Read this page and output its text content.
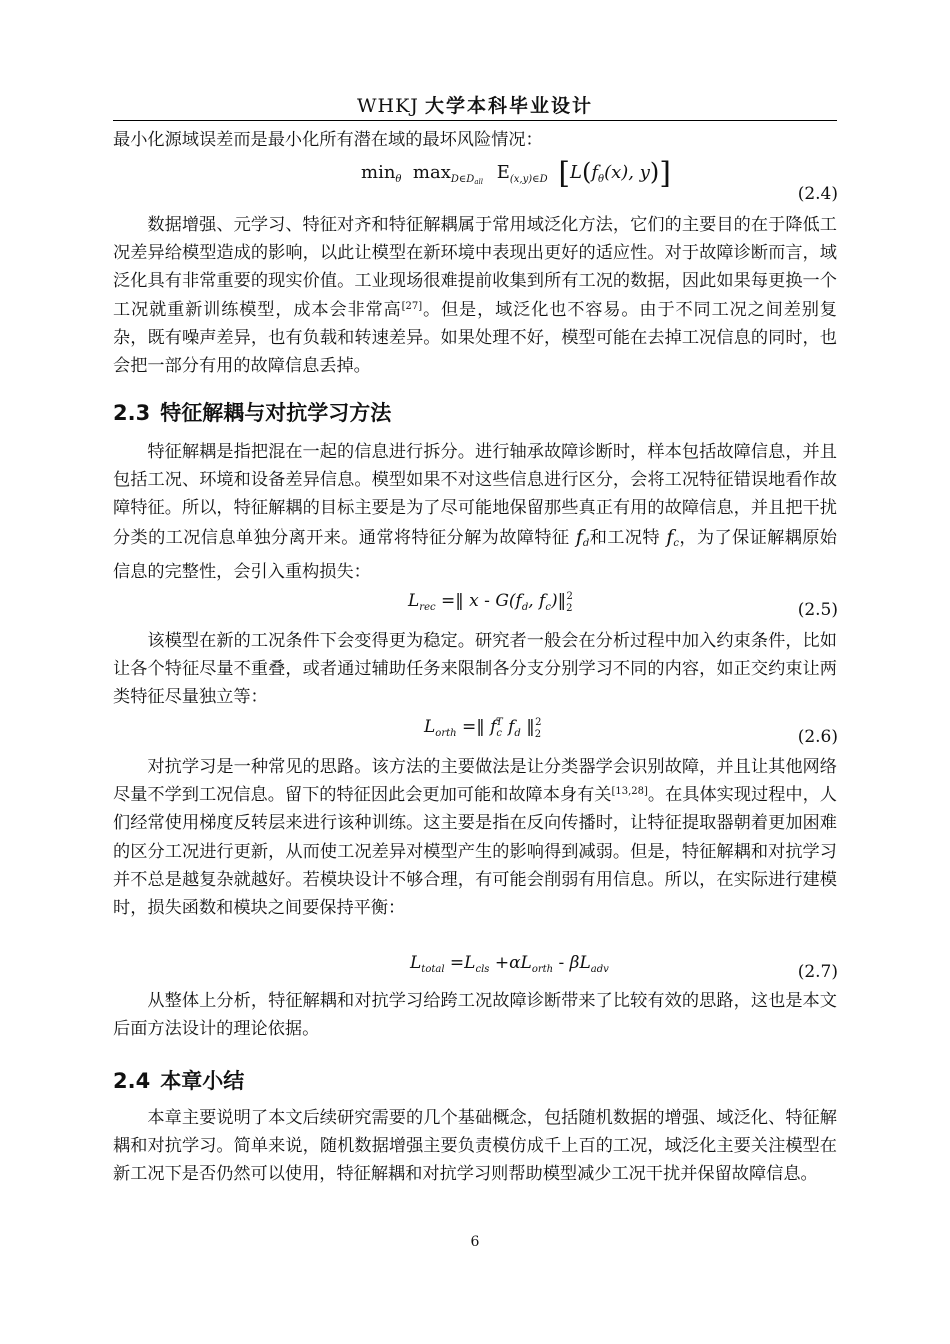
WHKJ 大学本科毕业设计

最小化源域误差而是最小化所有潜在域的最坏风险情况：

$\min_\theta \max_{D\in D_{all}} E_{(x,y)\in D}$ [$L(f_\theta(x)$, y)]
(2.4)

数据增强、元学习、特征对齐和特征解耦属于常用域泛化方法，它们的主要目的在于降低工况差异给模型造成的影响，以此让模型在新环境中表现出更好的适应性。对于故障诊断而言，域泛化具有非常重要的现实价值。工业现场很难提前收集到所有工况的数据，因此如果每更换一个工况就重新训练模型，成本会非常高[27]。但是，域泛化也不容易。由于不同工况之间差别复杂，既有噪声差异，也有负载和转速差异。如果处理不好，模型可能在去掉工况信息的同时，也会把一部分有用的故障信息丢掉。

2.3 特征解耦与对抗学习方法

特征解耦是指把混在一起的信息进行拆分。进行轴承故障诊断时，样本包括故障信息，并且包括工况、环境和设备差异信息。模型如果不对这些信息进行区分，会将工况特征错误地看作故障特征。所以，特征解耦的目标主要是为了尽可能地保留那些真正有用的故障信息，并且把干扰分类的工况信息单独分离开来。通常将特征分解为故障特征 $f_d$和工况特 $f_c$，为了保证解耦原始信息的完整性，会引入重构损失：

$L_{rec}$ =‖ x - $G(f_d$, $f_c)‖_2^2$
(2.5)

该模型在新的工况条件下会变得更为稳定。研究者一般会在分析过程中加入约束条件，比如让各个特征尽量不重叠，或者通过辅助任务来限制各分支分别学习不同的内容，如正交约束让两类特征尽量独立等：

$L_{orth}$ =‖ $f_c^T$ $f_d$ $‖_2^2$
(2.6)

对抗学习是一种常见的思路。该方法的主要做法是让分类器学会识别故障，并且让其他网络尽量不学到工况信息。留下的特征因此会更加可能和故障本身有关[13,28]。在具体实现过程中，人们经常使用梯度反转层来进行该种训练。这主要是指在反向传播时，让特征提取器朝着更加困难的区分工况进行更新，从而使工况差异对模型产生的影响得到减弱。但是，特征解耦和对抗学习并不总是越复杂就越好。若模块设计不够合理，有可能会削弱有用信息。所以，在实际进行建模时，损失函数和模块之间要保持平衡：

$L_{total} =L_{cls} +\alpha L_{orth} - \beta L_{adv}$	(2.7)

从整体上分析，特征解耦和对抗学习给跨工况故障诊断带来了比较有效的思路，这也是本文后面方法设计的理论依据。

2.4 本章小结

本章主要说明了本文后续研究需要的几个基础概念，包括随机数据的增强、域泛化、特征解耦和对抗学习。简单来说，随机数据增强主要负责模仿成千上百的工况，域泛化主要关注模型在新工况下是否仍然可以使用，特征解耦和对抗学习则帮助模型减少工况干扰并保留故障信息。

6
